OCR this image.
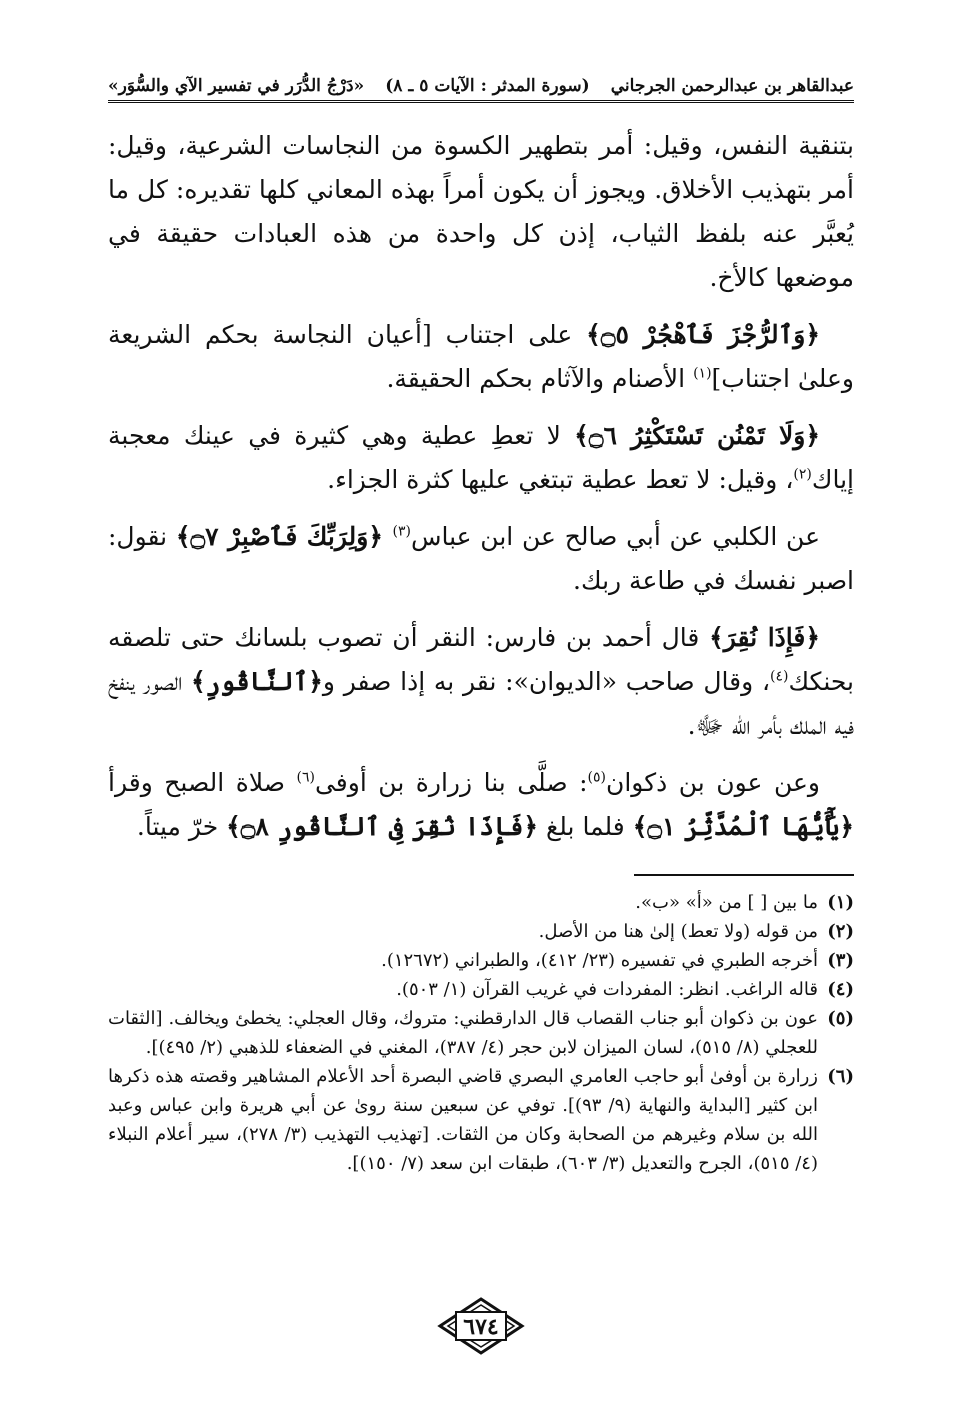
عبدالقاهر بن عبدالرحمن الجرجاني
(سورة المدثر : الآيات ٥ ـ ٨)
«دَرْجُ الدُّرَر في تفسير الآي والسُّوَر»

بتنقية النفس، وقيل: أمر بتطهير الكسوة من النجاسات الشرعية، وقيل: أمر بتهذيب الأخلاق. ويجوز أن يكون أمراً بهذه المعاني كلها تقديره: كل ما يُعبَّر عنه بلفظ الثياب، إذن كل واحدة من هذه العبادات حقيقة في موضعها كالأخ.

﴿وَٱلرُّجْزَ فَٱهْجُرْ ۝٥﴾ على اجتناب [أعيان النجاسة بحكم الشريعة وعلىٰ اجتناب]$^{(١)}$ الأصنام والآثام بحكم الحقيقة.

﴿وَلَا تَمْنُن تَسْتَكْثِرُ ۝٦﴾ لا تعطِ عطية وهي كثيرة في عينك معجبة إياك$^{(٢)}$، وقيل: لا تعط عطية تبتغي عليها كثرة الجزاء.

عن الكلبي عن أبي صالح عن ابن عباس$^{(٣)}$ ﴿وَلِرَبِّكَ فَٱصْبِرْ ۝٧﴾ نقول: اصبر نفسك في طاعة ربك.

﴿فَإِذَا نُقِرَ﴾ قال أحمد بن فارس: النقر أن تصوب بلسانك حتى تلصقه بحنكك$^{(٤)}$، وقال صاحب «الديوان»: نقر به إذا صفر و﴿ٱلنَّاقُورِ﴾ الصور ينفخ فيه الملك بأمر الله ﷻ.

وعن عون بن ذكوان$^{(٥)}$: صلَّى بنا زرارة بن أوفى$^{(٦)}$ صلاة الصبح وقرأ ﴿يَٰٓأَيُّهَا ٱلْمُدَّثِّرُ ۝١﴾ فلما بلغ ﴿فَإِذَا نُقِرَ فِى ٱلنَّاقُورِ ۝٨﴾ خرّ ميتاً.

(١)
ما بين [ ] من «أ» «ب».
(٢)
من قوله (ولا تعط) إلىٰ هنا من الأصل.
(٣)
أخرجه الطبري في تفسيره (٢٣/ ٤١٢)، والطبراني (١٢٦٧٢).
(٤)
قاله الراغب. انظر: المفردات في غريب القرآن (١/ ٥٠٣).
(٥)
عون بن ذكوان أبو جناب القصاب قال الدارقطني: متروك، وقال العجلي: يخطئ ويخالف. [الثقات للعجلي (٨/ ٥١٥)، لسان الميزان لابن حجر (٤/ ٣٨٧)، المغني في الضعفاء للذهبي (٢/ ٤٩٥)].
(٦)
زرارة بن أوفىٰ أبو حاجب العامري البصري قاضي البصرة أحد الأعلام المشاهير وقصته هذه ذكرها ابن كثير [البداية والنهاية (٩/ ٩٣)]. توفي عن سبعين سنة روىٰ عن أبي هريرة وابن عباس وعبد الله بن سلام وغيرهم من الصحابة وكان من الثقات. [تهذيب التهذيب (٣/ ٢٧٨)، سير أعلام النبلاء (٤/ ٥١٥)، الجرح والتعديل (٣/ ٦٠٣)، طبقات ابن سعد (٧/ ١٥٠)].
٦٧٤
